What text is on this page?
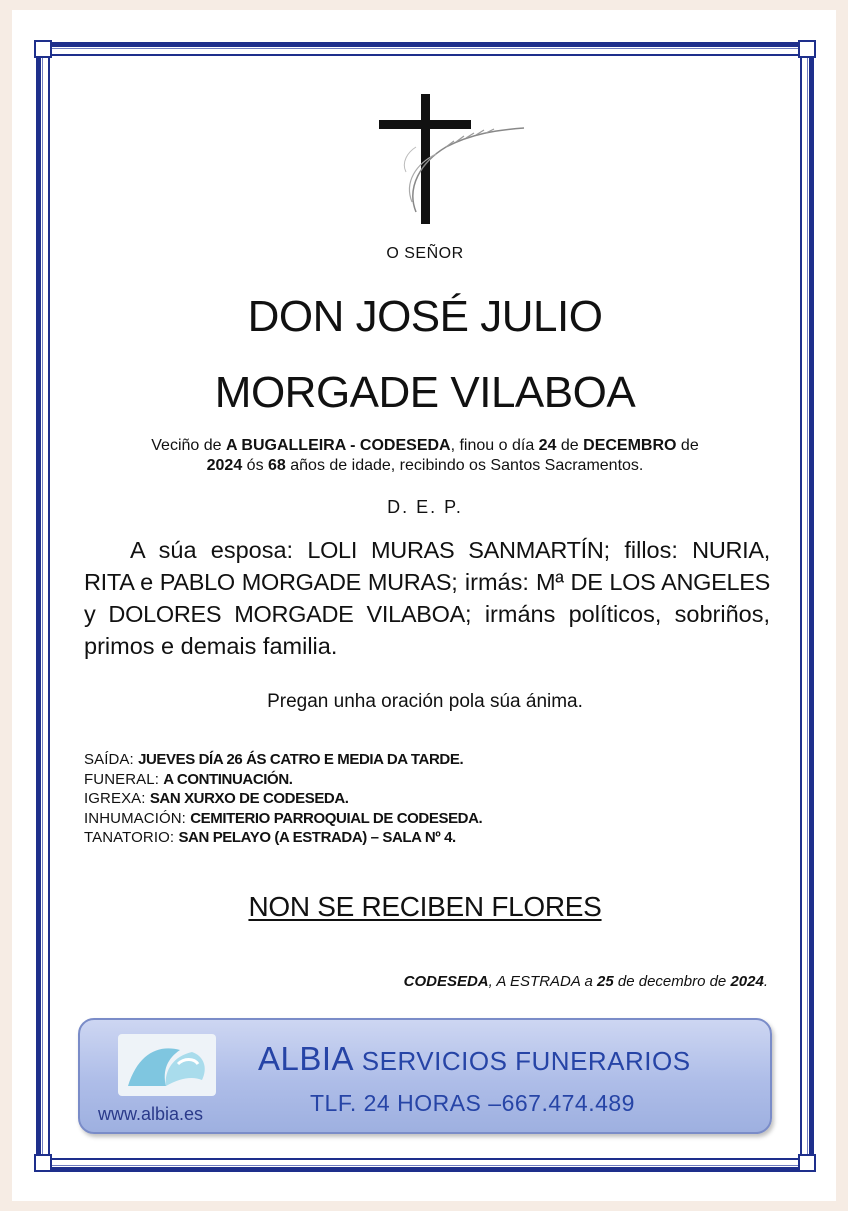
O SEÑOR
DON JOSÉ JULIO
MORGADE VILABOA
Veciño de A BUGALLEIRA - CODESEDA, finou o día 24 de DECEMBRO de
2024 ós 68 años de idade, recibindo os Santos Sacramentos.
D. E. P.
A súa esposa: LOLI MURAS SANMARTÍN; fillos: NURIA, RITA e PABLO MORGADE MURAS; irmás: Mª DE LOS ANGELES y DOLORES MORGADE VILABOA; irmáns políticos, sobriños, primos e demais familia.
Pregan unha oración pola súa ánima.
SAÍDA: JUEVES DÍA 26 ÁS CATRO E MEDIA DA TARDE.
FUNERAL: A CONTINUACIÓN.
IGREXA: SAN XURXO DE CODESEDA.
INHUMACIÓN: CEMITERIO PARROQUIAL DE CODESEDA.
TANATORIO: SAN PELAYO (A ESTRADA) – SALA Nº 4.
NON SE RECIBEN FLORES
CODESEDA, A ESTRADA a 25 de decembro de 2024.
www.albia.es
ALBIA SERVICIOS FUNERARIOS
TLF. 24 HORAS –667.474.489
